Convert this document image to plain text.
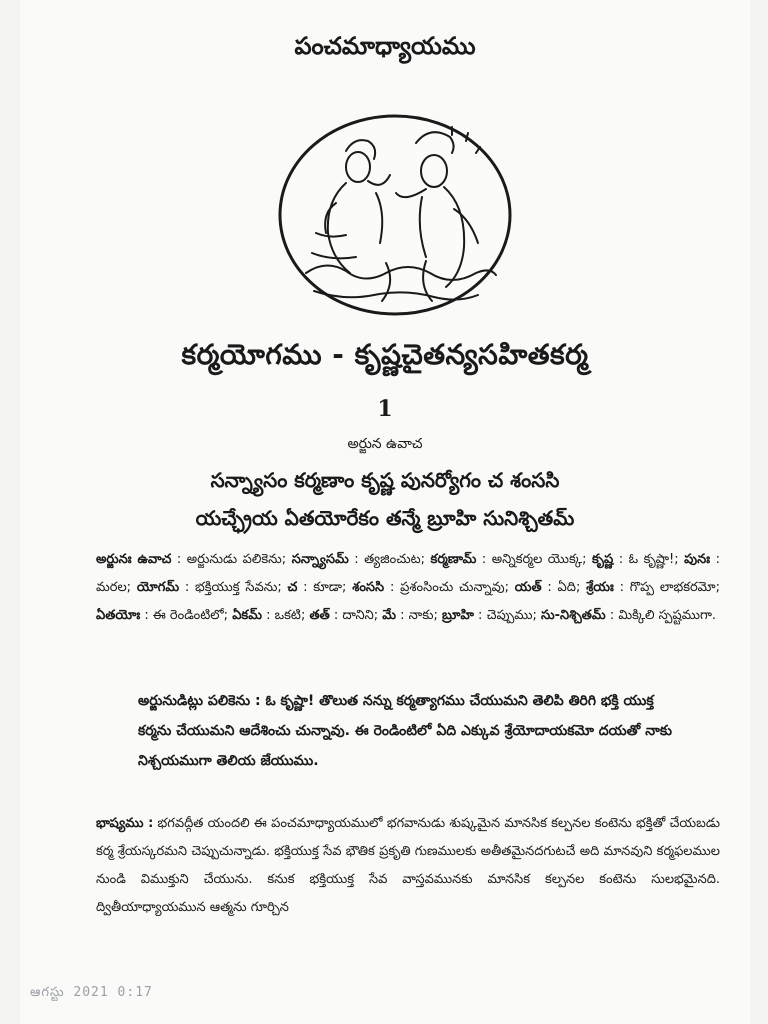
పంచమాధ్యాయము
కర్మయోగము - కృష్ణచైతన్యసహితకర్మ
1
అర్జున ఉవాచ
సన్న్యాసం కర్మణాం కృష్ణ పునర్యోగం చ శంససి
యచ్ఛ్రేయ ఏతయోరేకం తన్మే బ్రూహి సునిశ్చితమ్
అర్జునః ఉవాచ : అర్జునుడు పలికెను; సన్న్యాసమ్ : త్యజించుట; కర్మణామ్ : అన్నికర్మల యొక్క; కృష్ణ : ఓ కృష్ణా!; పునః : మరల; యోగమ్ : భక్తియుక్త సేవను; చ : కూడా; శంససి : ప్రశంసించు చున్నావు; యత్ : ఏది; శ్రేయః : గొప్ప లాభకరమో; ఏతయోః : ఈ రెండింటిలో; ఏకమ్ : ఒకటి; తత్ : దానిని; మే : నాకు; బ్రూహి : చెప్పుము; సు-నిశ్చితమ్ : మిక్కిలి స్పష్టముగా.
అర్జునుడిట్లు పలికెను : ఓ కృష్ణా! తొలుత నన్ను కర్మత్యాగము చేయుమని తెలిపి తిరిగి భక్తి యుక్త కర్మను చేయుమని ఆదేశించు చున్నావు. ఈ రెండింటిలో ఏది ఎక్కువ శ్రేయోదాయకమో దయతో నాకు నిశ్చయముగా తెలియ జేయుము.
భాష్యము : భగవద్గీత యందలి ఈ పంచమాధ్యాయములో భగవానుడు శుష్కమైన మానసిక కల్పనల కంటెను భక్తితో చేయబడు కర్మ శ్రేయస్కరమని చెప్పుచున్నాడు. భక్తియుక్త సేవ భౌతిక ప్రకృతి గుణములకు అతీతమైనదగుటచే అది మానవుని కర్మఫలముల నుండి విముక్తుని చేయును. కనుక భక్తియుక్త సేవ వాస్తవమునకు మానసిక కల్పనల కంటెను సులభమైనది. ద్వితీయాధ్యాయమున ఆత్మను గూర్చిన
ఆగస్టు 2021 0:17
